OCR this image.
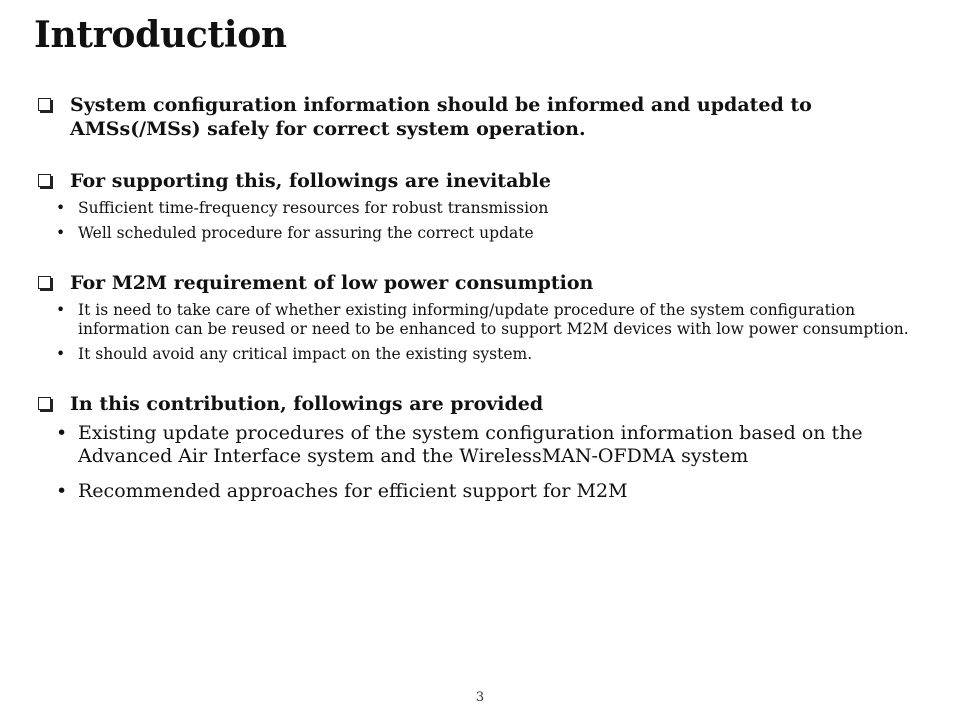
Introduction
System configuration information should be informed and updated to AMSs(/MSs) safely for correct system operation.
For supporting this, followings are inevitable
• Sufficient time-frequency resources for robust transmission
• Well scheduled procedure for assuring the correct update
For M2M requirement of low power consumption
• It is need to take care of whether existing informing/update procedure of the system configuration information can be reused or need to be enhanced to support M2M devices with low power consumption.
• It should avoid any critical impact on the existing system.
In this contribution, followings are provided
• Existing update procedures of the system configuration information based on the Advanced Air Interface system and the WirelessMAN-OFDMA system
• Recommended approaches for efficient support for M2M
3
